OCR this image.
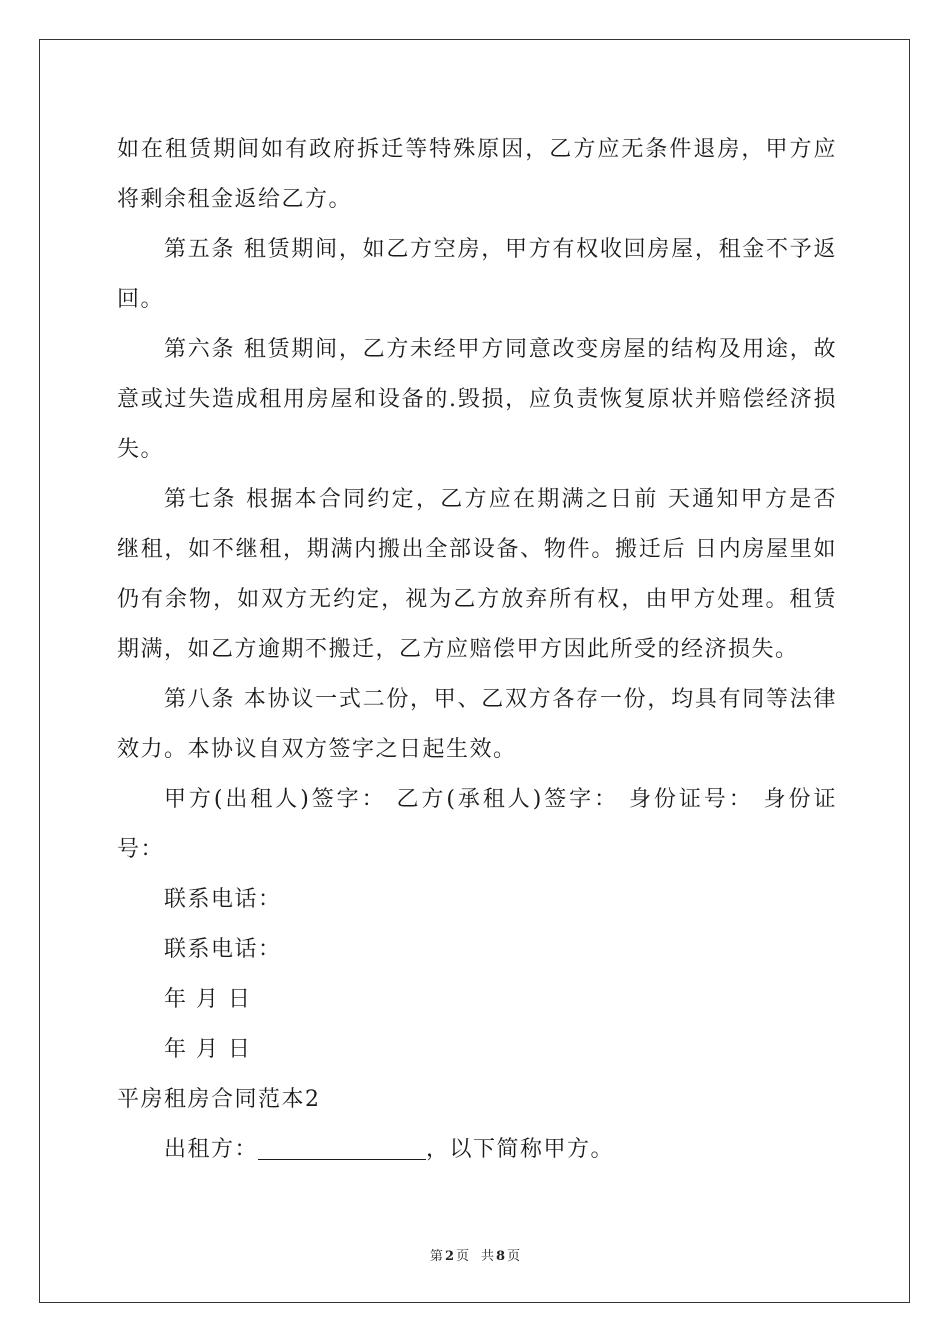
如在租赁期间如有政府拆迁等特殊原因，乙方应无条件退房，甲方应将剩余租金返给乙方。

第五条 租赁期间，如乙方空房，甲方有权收回房屋，租金不予返回。

第六条 租赁期间，乙方未经甲方同意改变房屋的结构及用途，故意或过失造成租用房屋和设备的.毁损，应负责恢复原状并赔偿经济损失。

第七条 根据本合同约定，乙方应在期满之日前 天通知甲方是否继租，如不继租，期满内搬出全部设备、物件。搬迁后 日内房屋里如仍有余物，如双方无约定，视为乙方放弃所有权，由甲方处理。租赁期满，如乙方逾期不搬迁，乙方应赔偿甲方因此所受的经济损失。

第八条 本协议一式二份，甲、乙双方各存一份，均具有同等法律效力。本协议自双方签字之日起生效。

甲方(出租人)签字： 乙方(承租人)签字： 身份证号： 身份证号：

联系电话：

联系电话：

年 月 日

年 月 日

平房租房合同范本2

出租方：	，以下简称甲方。

第 2 页 共 8 页
